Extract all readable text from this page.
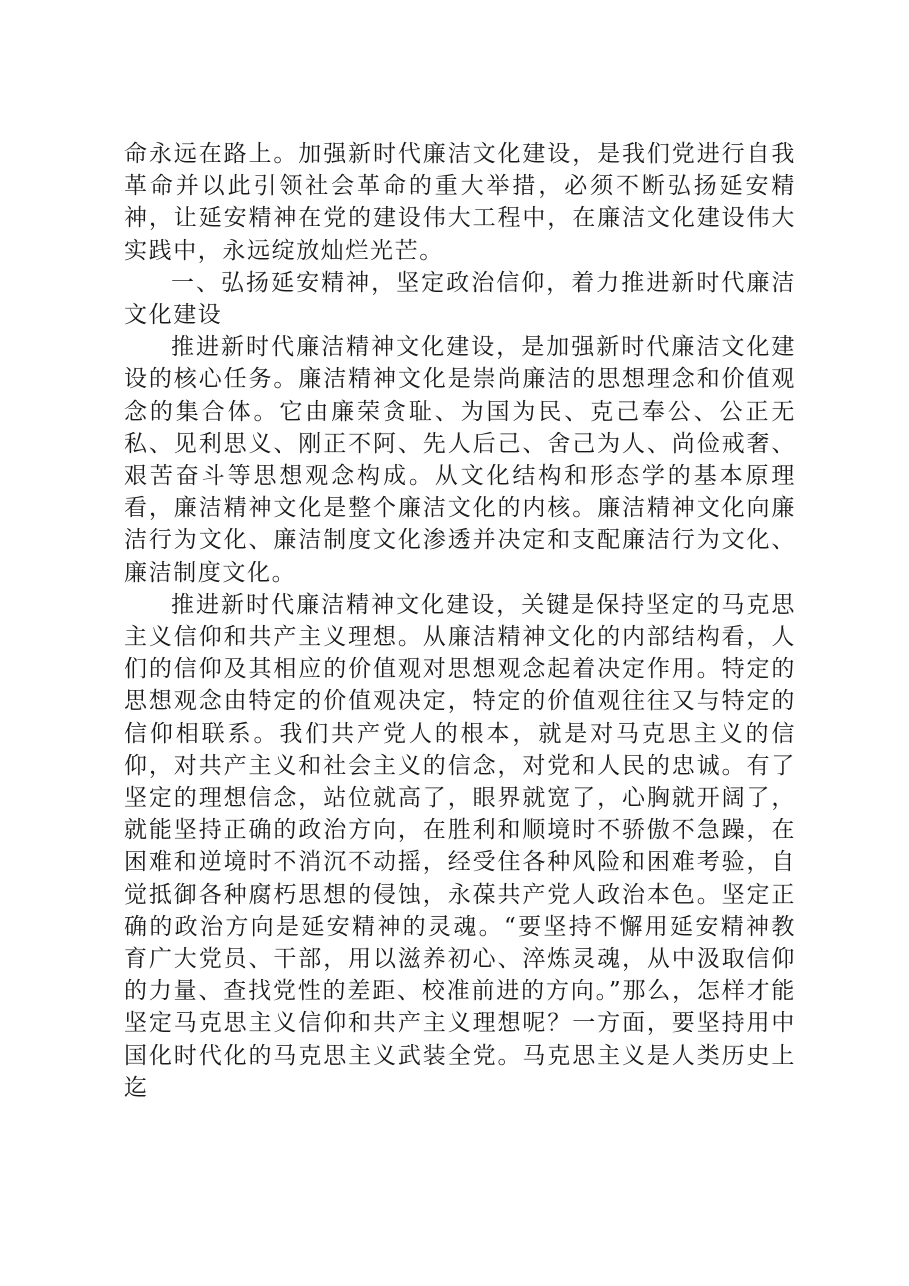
命永远在路上。加强新时代廉洁文化建设，是我们党进行自我革命并以此引领社会革命的重大举措，必须不断弘扬延安精神，让延安精神在党的建设伟大工程中，在廉洁文化建设伟大实践中，永远绽放灿烂光芒。

一、弘扬延安精神，坚定政治信仰，着力推进新时代廉洁文化建设

推进新时代廉洁精神文化建设，是加强新时代廉洁文化建设的核心任务。廉洁精神文化是崇尚廉洁的思想理念和价值观念的集合体。它由廉荣贪耻、为国为民、克己奉公、公正无私、见利思义、刚正不阿、先人后己、舍己为人、尚俭戒奢、艰苦奋斗等思想观念构成。从文化结构和形态学的基本原理看，廉洁精神文化是整个廉洁文化的内核。廉洁精神文化向廉洁行为文化、廉洁制度文化渗透并决定和支配廉洁行为文化、廉洁制度文化。

推进新时代廉洁精神文化建设，关键是保持坚定的马克思主义信仰和共产主义理想。从廉洁精神文化的内部结构看，人们的信仰及其相应的价值观对思想观念起着决定作用。特定的思想观念由特定的价值观决定，特定的价值观往往又与特定的信仰相联系。我们共产党人的根本，就是对马克思主义的信仰，对共产主义和社会主义的信念，对党和人民的忠诚。有了坚定的理想信念，站位就高了，眼界就宽了，心胸就开阔了，就能坚持正确的政治方向，在胜利和顺境时不骄傲不急躁，在困难和逆境时不消沉不动摇，经受住各种风险和困难考验，自觉抵御各种腐朽思想的侵蚀，永葆共产党人政治本色。坚定正确的政治方向是延安精神的灵魂。“要坚持不懈用延安精神教育广大党员、干部，用以滋养初心、淬炼灵魂，从中汲取信仰的力量、查找党性的差距、校准前进的方向。”那么，怎样才能坚定马克思主义信仰和共产主义理想呢？一方面，要坚持用中国化时代化的马克思主义武装全党。马克思主义是人类历史上迄
